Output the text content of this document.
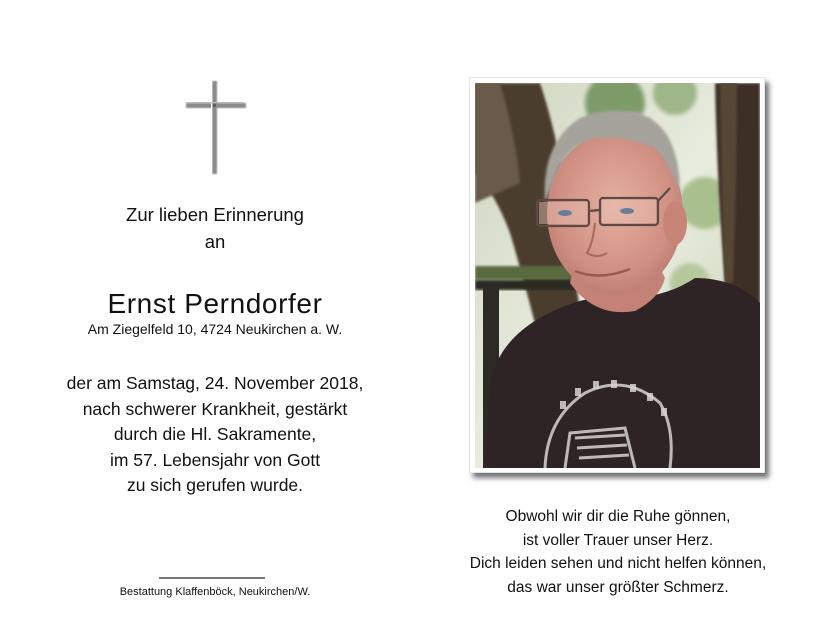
Zur lieben Erinnerung
an
Ernst Perndorfer
Am Ziegelfeld 10, 4724 Neukirchen a. W.
der am Samstag, 24. November 2018,
nach schwerer Krankheit, gestärkt
durch die Hl. Sakramente,
im 57. Lebensjahr von Gott
zu sich gerufen wurde.
Bestattung Klaffenböck, Neukirchen/W.
Obwohl wir dir die Ruhe gönnen,
ist voller Trauer unser Herz.
Dich leiden sehen und nicht helfen können,
das war unser größter Schmerz.
